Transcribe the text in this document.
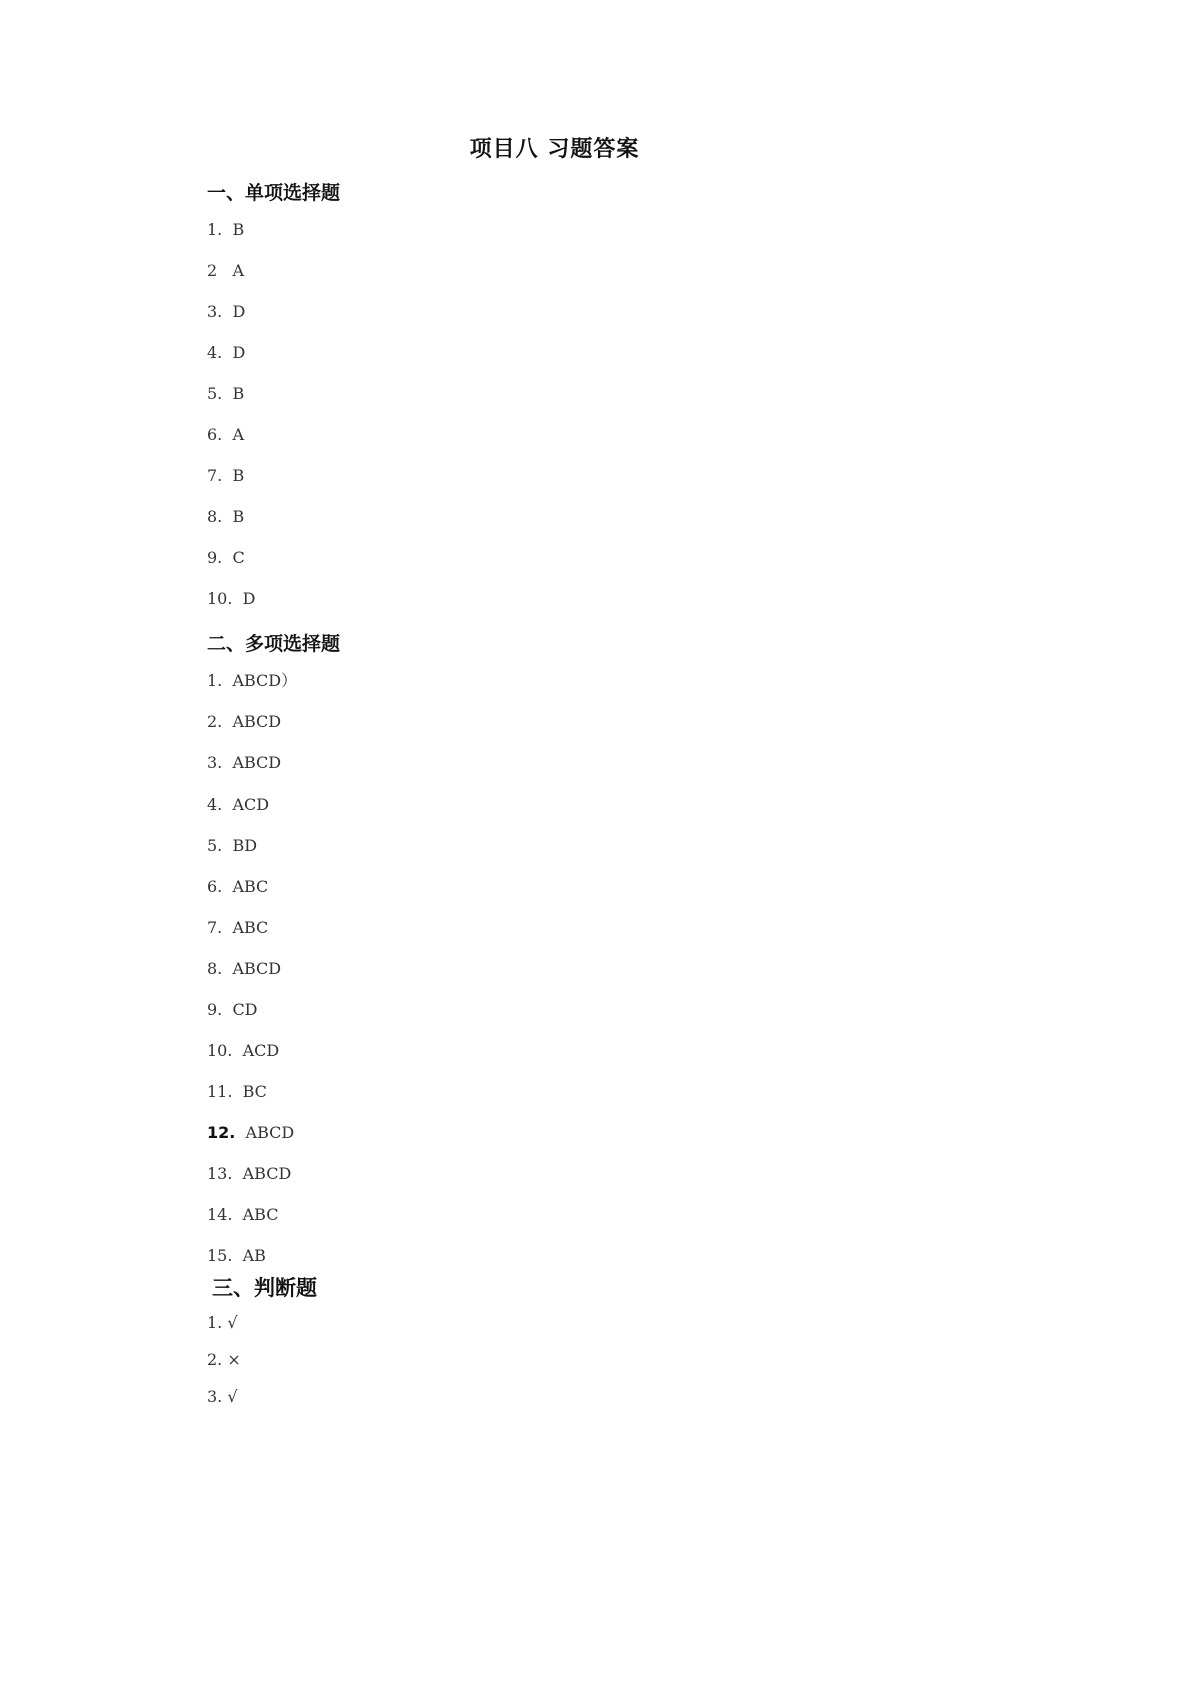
项目八 习题答案
一、单项选择题
1. B
2 A
3. D
4. D
5. B
6. A
7. B
8. B
9. C
10. D
二、多项选择题
1. ABCD）
2. ABCD
3. ABCD
4. ACD
5. BD
6. ABC
7. ABC
8. ABCD
9. CD
10. ACD
11. BC
12. ABCD
13. ABCD
14. ABC
15. AB
三、判断题
1. √
2. ×
3. √
